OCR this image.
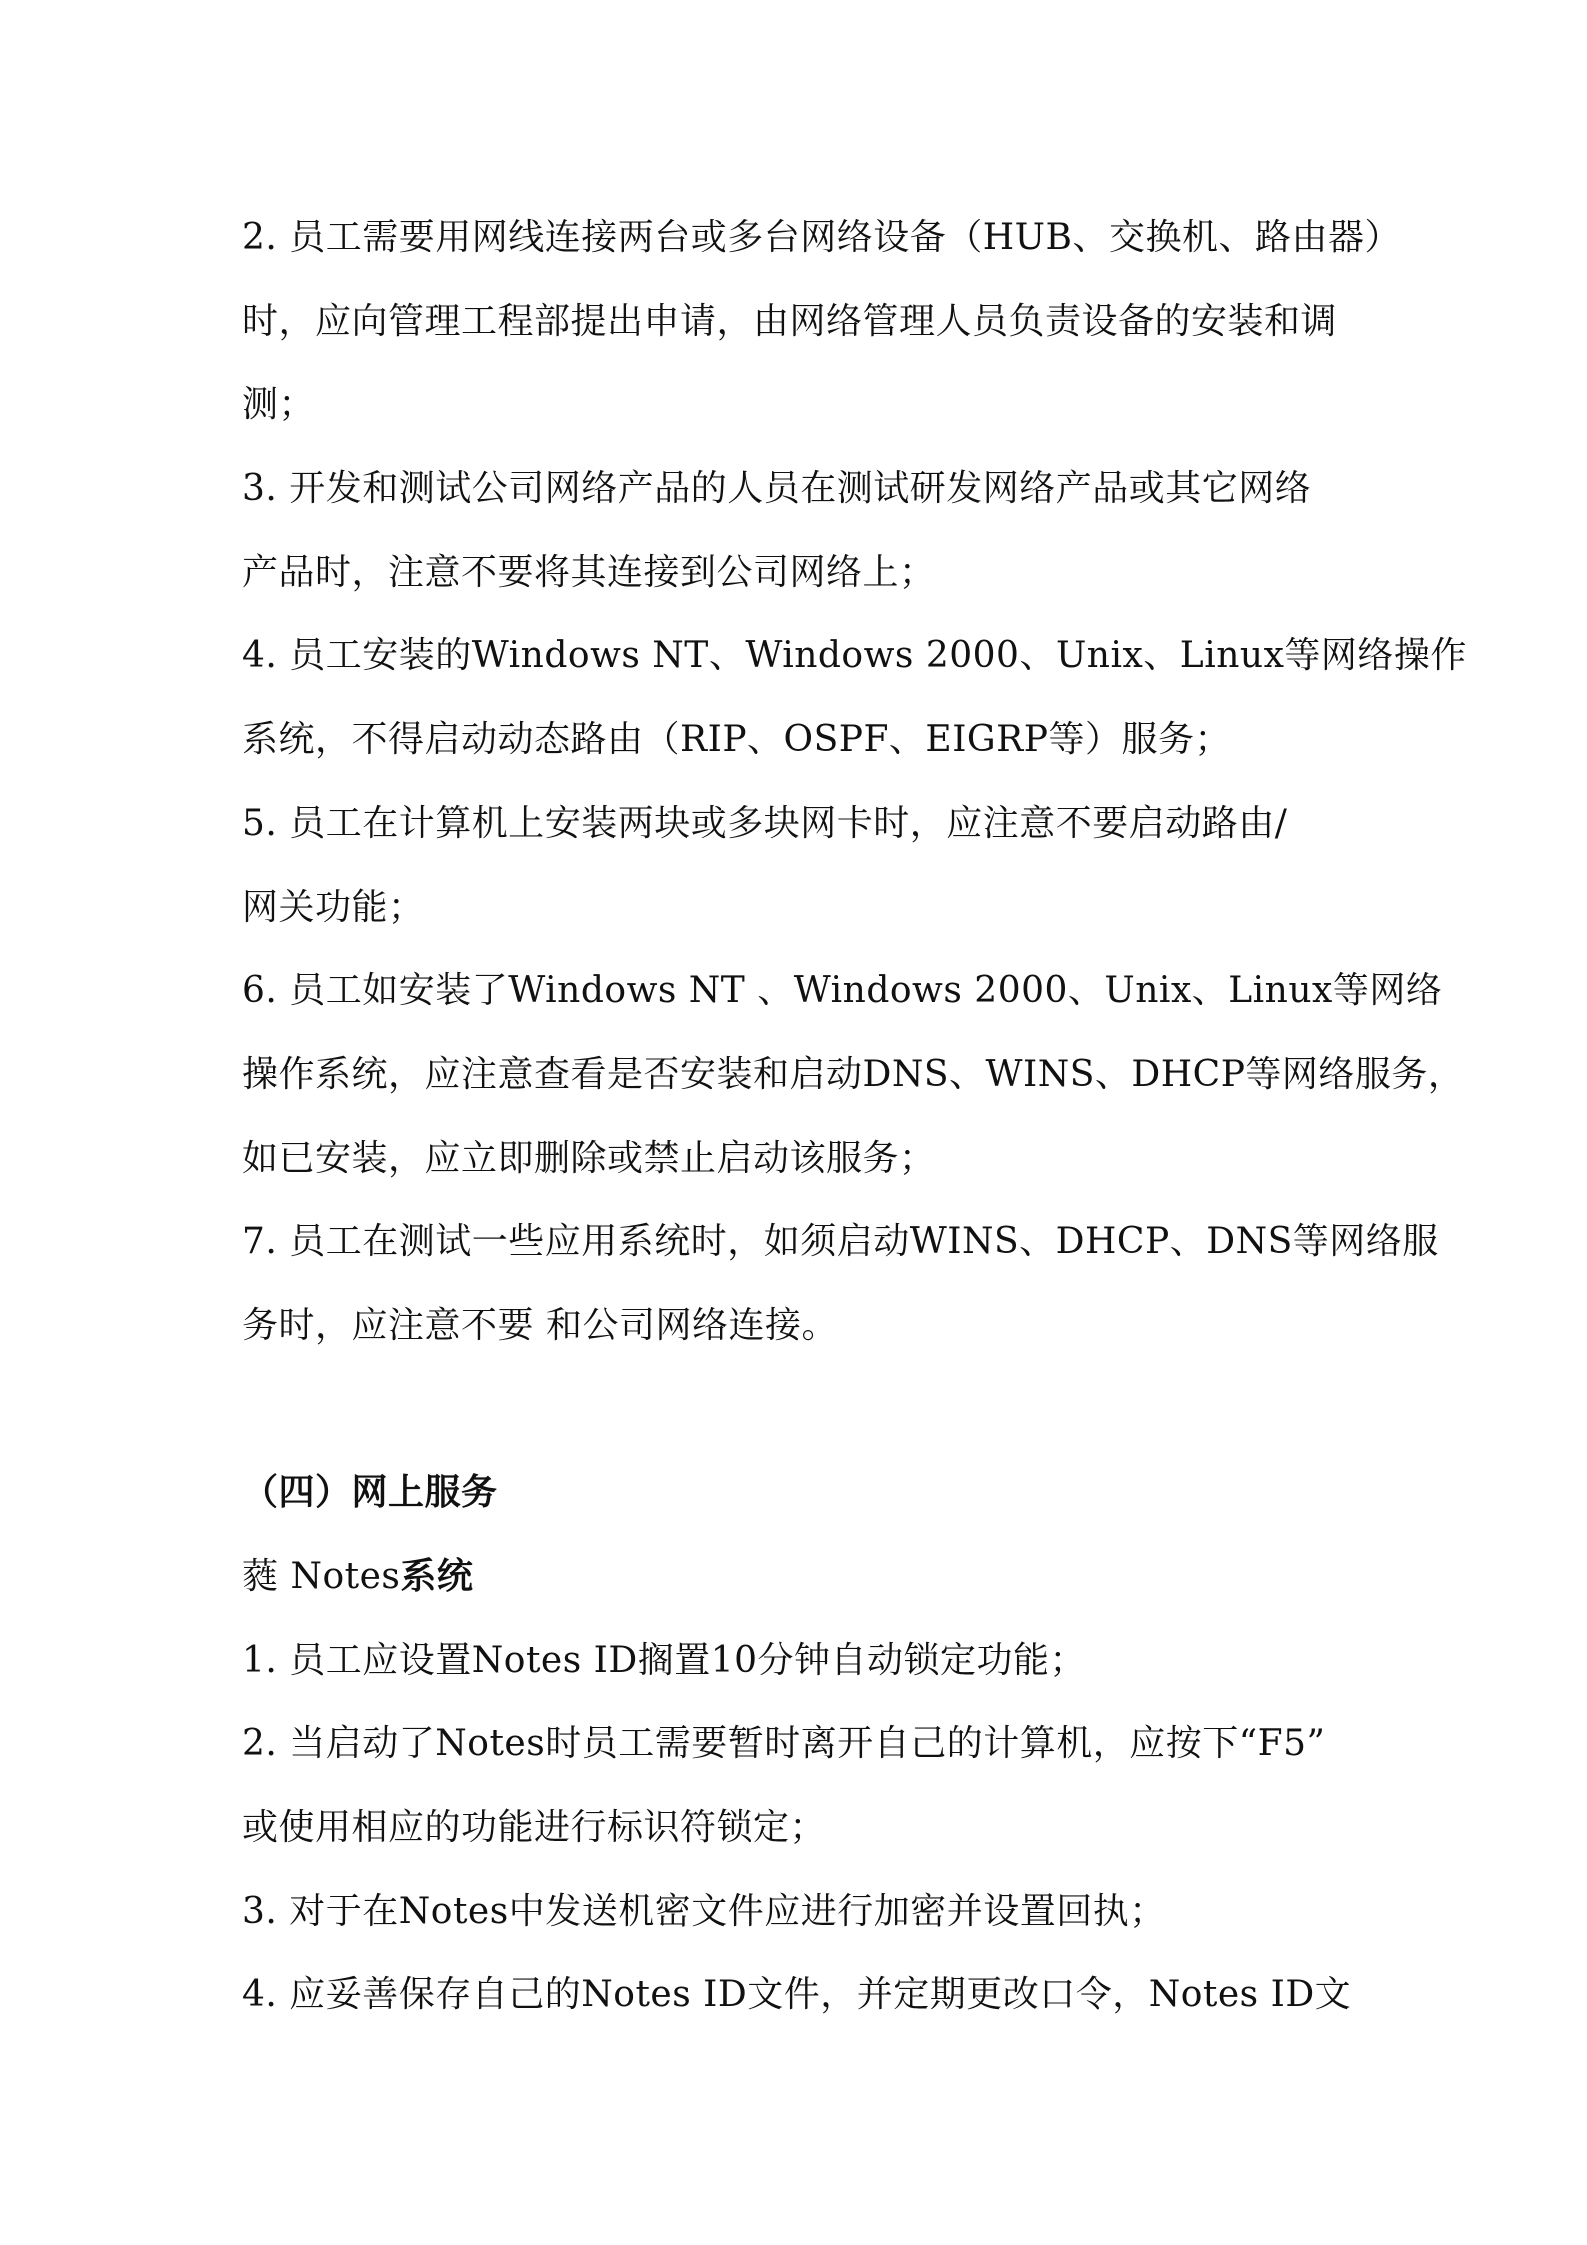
2. 员工需要用网线连接两台或多台网络设备（HUB、交换机、路由器）
时，应向管理工程部提出申请，由网络管理人员负责设备的安装和调
测；
3. 开发和测试公司网络产品的人员在测试研发网络产品或其它网络
产品时，注意不要将其连接到公司网络上；
4. 员工安装的Windows NT、Windows 2000、Unix、Linux等网络操作
系统，不得启动动态路由（RIP、OSPF、EIGRP等）服务；
5. 员工在计算机上安装两块或多块网卡时，应注意不要启动路由/
网关功能；
6. 员工如安装了Windows NT 、Windows 2000、Unix、Linux等网络
操作系统，应注意查看是否安装和启动DNS、WINS、DHCP等网络服务，
如已安装，应立即删除或禁止启动该服务；
7. 员工在测试一些应用系统时，如须启动WINS、DHCP、DNS等网络服
务时，应注意不要 和公司网络连接。
（四）网上服务
蕤 Notes系统
1. 员工应设置Notes ID搁置10分钟自动锁定功能；
2. 当启动了Notes时员工需要暂时离开自己的计算机，应按下“F5”
或使用相应的功能进行标识符锁定；
3. 对于在Notes中发送机密文件应进行加密并设置回执；
4. 应妥善保存自己的Notes ID文件，并定期更改口令，Notes ID文
